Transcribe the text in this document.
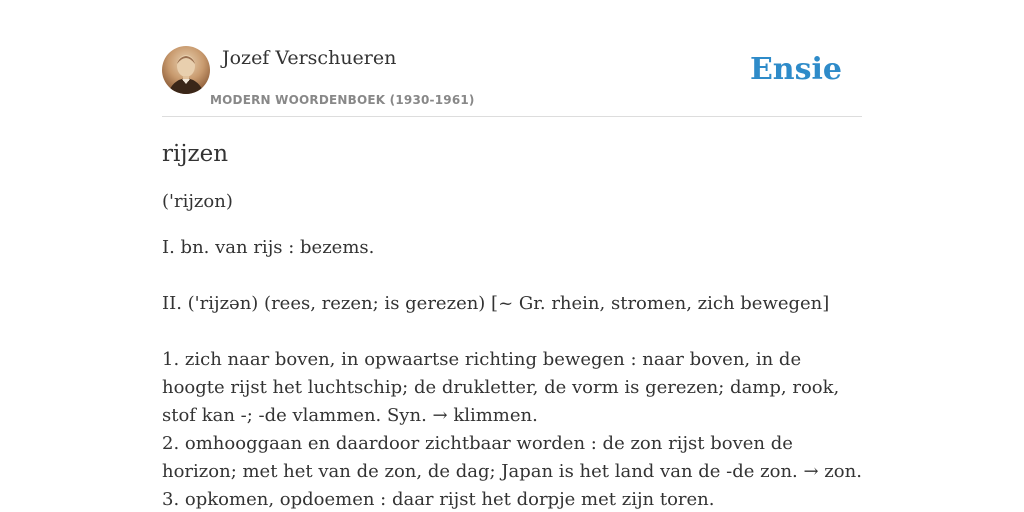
Jozef Verschueren
MODERN WOORDENBOEK (1930-1961)
Ensie
rijzen
('rijzon)

I. bn. van rijs : bezems.

II. ('rijzən) (rees, rezen; is gerezen) [~ Gr. rhein, stromen, zich bewegen]

1. zich naar boven, in opwaartse richting bewegen : naar boven, in de hoogte rijst het luchtschip; de drukletter, de vorm is gerezen; damp, rook, stof kan -; -de vlammen. Syn. → klimmen.

2. omhooggaan en daardoor zichtbaar worden : de zon rijst boven de horizon; met het van de zon, de dag; Japan is het land van de -de zon. → zon.

3. opkomen, opdoemen : daar rijst het dorpje met zijn toren.
